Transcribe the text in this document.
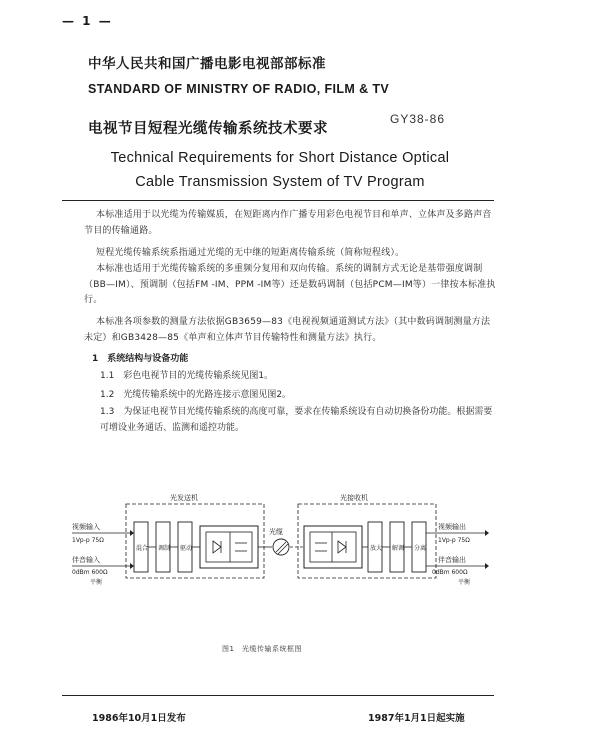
— 1 —
中华人民共和国广播电影电视部部标准
STANDARD OF MINISTRY OF RADIO, FILM & TV
电视节目短程光缆传输系统技术要求
GY38-86
Technical Requirements for Short Distance Optical
Cable Transmission System of TV Program
本标准适用于以光缆为传输媒质，在短距离内作广播专用彩色电视节目和单声、立体声及多路声音节目的传输通路。
短程光缆传输系统系指通过光缆的无中继的短距离传输系统（简称短程线）。
本标准也适用于光缆传输系统的多重频分复用和双向传输。系统的调制方式无论是基带强度调制（BB—IM）、预调制（包括FM -IM、PPM -IM等）还是数码调制（包括PCM—IM等）一律按本标准执行。
本标准各项参数的测量方法依据GB3659—83《电视视频通道测试方法》（其中数码调制测量方法未定）和GB3428—85《单声和立体声节目传输特性和测量方法》执行。
1　系统结构与设备功能
1.1　彩色电视节目的光缆传输系统见图1。
1.2　光缆传输系统中的光路连接示意图见图2。
1.3　为保证电视节目光缆传输系统的高度可靠，要求在传输系统设有自动切换备份功能。根据需要可增设业务通话、监测和遥控功能。
光发送机	光接收机
视频输入
1Vp-p 75Ω
伴音输入
0dBm 600Ω
平衡
混合 调制 驱动
光缆
放大 解调 分离
视频输出
1Vp-p 75Ω
伴音输出
0dBm 600Ω
平衡
图1　光缆传输系统框图
1986年10月1日发布	1987年1月1日起实施
